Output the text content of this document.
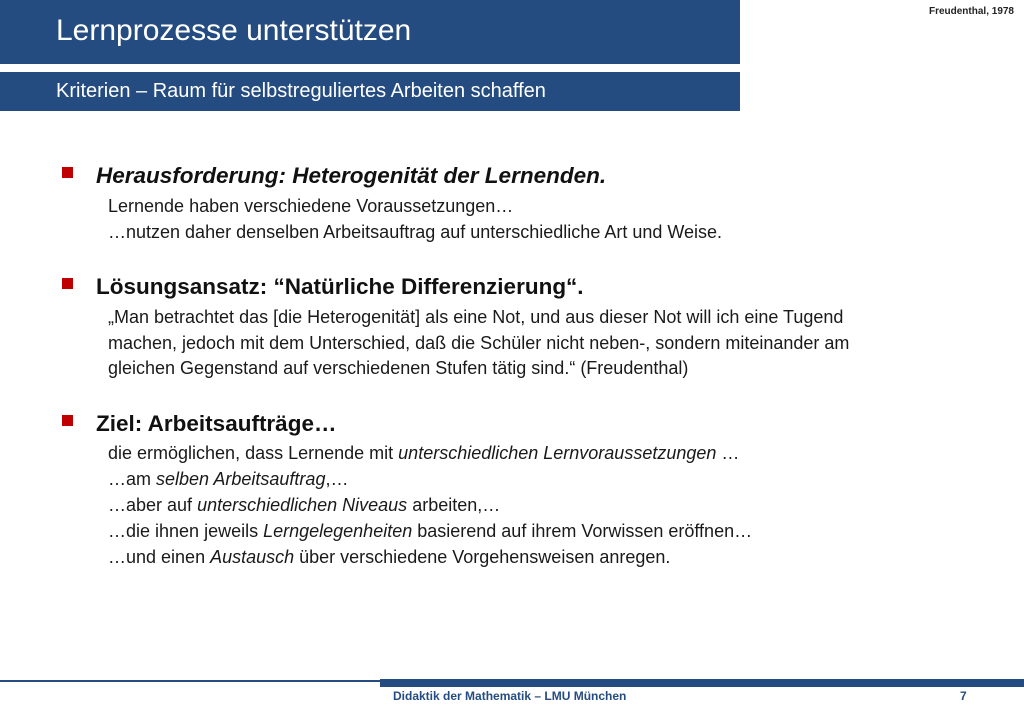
Lernprozesse unterstützen
Kriterien – Raum für selbstreguliertes Arbeiten schaffen
Freudenthal, 1978
Herausforderung: Heterogenität der Lernenden.
Lernende haben verschiedene Voraussetzungen…
…nutzen daher denselben Arbeitsauftrag auf unterschiedliche Art und Weise.
Lösungsansatz: “Natürliche Differenzierung“.
„Man betrachtet das [die Heterogenität] als eine Not, und aus dieser Not will ich eine Tugend
machen, jedoch mit dem Unterschied, daß die Schüler nicht neben-, sondern miteinander am
gleichen Gegenstand auf verschiedenen Stufen tätig sind.“ (Freudenthal)
Ziel: Arbeitsaufträge…
die ermöglichen, dass Lernende mit unterschiedlichen Lernvoraussetzungen …
…am selben Arbeitsauftrag,…
…aber auf unterschiedlichen Niveaus arbeiten,…
…die ihnen jeweils Lerngelegenheiten basierend auf ihrem Vorwissen eröffnen…
…und einen Austausch über verschiedene Vorgehensweisen anregen.
Didaktik der Mathematik – LMU München	7
